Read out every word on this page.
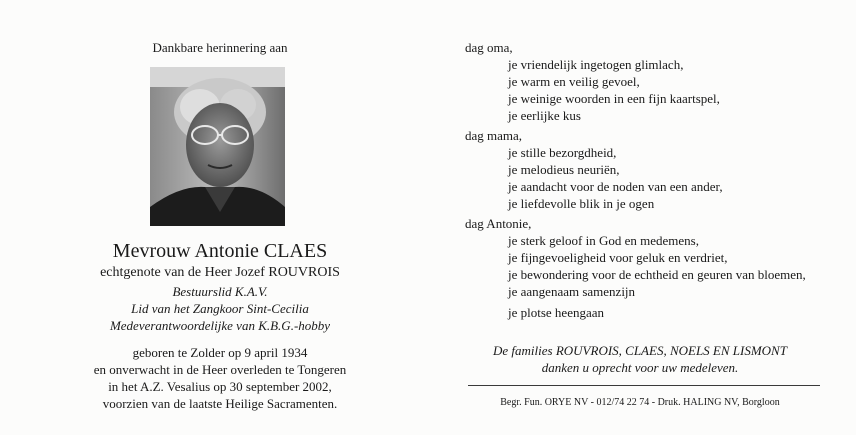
Dankbare herinnering aan
Mevrouw Antonie CLAES
echtgenote van de Heer Jozef ROUVROIS
Bestuurslid K.A.V.
Lid van het Zangkoor Sint-Cecilia
Medeverantwoordelijke van K.B.G.-hobby
geboren te Zolder op 9 april 1934
en onverwacht in de Heer overleden te Tongeren
in het A.Z. Vesalius op 30 september 2002,
voorzien van de laatste Heilige Sacramenten.
dag oma,
je vriendelijk ingetogen glimlach,
je warm en veilig gevoel,
je weinige woorden in een fijn kaartspel,
je eerlijke kus
dag mama,
je stille bezorgdheid,
je melodieus neuriën,
je aandacht voor de noden van een ander,
je liefdevolle blik in je ogen
dag Antonie,
je sterk geloof in God en medemens,
je fijngevoeligheid voor geluk en verdriet,
je bewondering voor de echtheid en geuren van bloemen,
je aangenaam samenzijn
je plotse heengaan
De families ROUVROIS, CLAES, NOELS EN LISMONT
danken u oprecht voor uw medeleven.
Begr. Fun. ORYE NV - 012/74 22 74 - Druk. HALING NV, Borgloon
